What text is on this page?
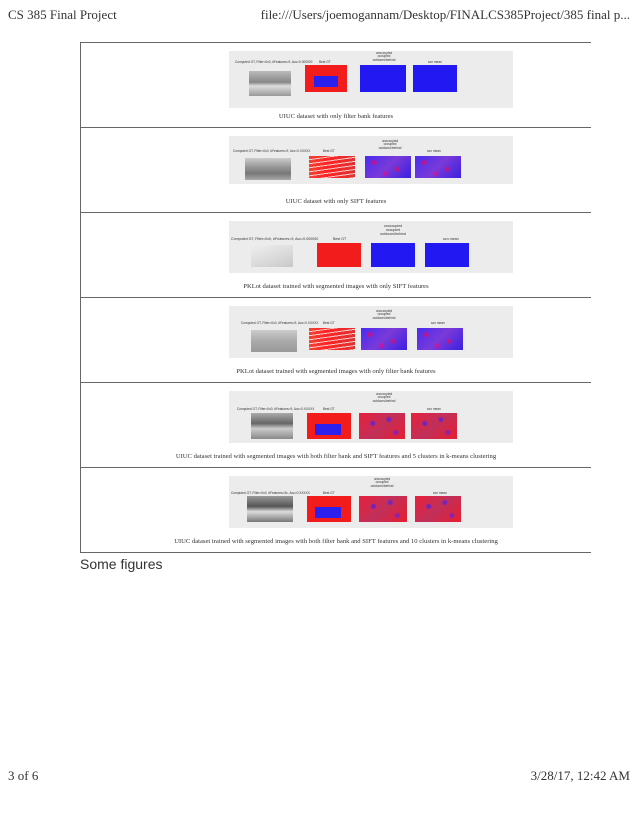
CS 385 Final Project	file:///Users/joemogannam/Desktop/FINALCS385Project/385 final p...
Computed GT, Filter=0x0, #Features=9, Acc=0.000000 Best GT
unoccupied
occupied
outdoors/behind
scn mean
UIUC dataset with only filter bank features
Computed GT, Filter=0x0, #Features=9, Acc=0.XXXXX	Best GT
unoccupied
occupied
outdoors/behind
scn mean
UIUC dataset with only SIFT features
Computed GT, Filter=0x0, #Features=9, Acc=0.000000	Best GT
unoccupied
occupied
outdoors/behind
scn mean
PKLot dataset trained with segmented images with only SIFT features
Computed GT, Filter=0x0, #Features=9, Acc=0.XXXXX Best GT
unoccupied
occupied
outdoors/behind
scn mean
PKLot dataset trained with segmented images with only filter bank features
Computed GT, Filter=0x0, #Features=9, Acc=0.XXXXX	Best GT
unoccupied
occupied
outdoors/behind
scn mean
UIUC dataset trained with segmented images with both filter bank and SIFT features and 5 clusters in k-means clustering
Computed GT, Filter=0x0, #Features=5c, Acc=0.XXXXX	Best GT
unoccupied
occupied
outdoors/behind
scn mean
UIUC dataset trained with segmented images with both filter bank and SIFT features and 10 clusters in k-means clustering
Some figures
3 of 6	3/28/17, 12:42 AM
